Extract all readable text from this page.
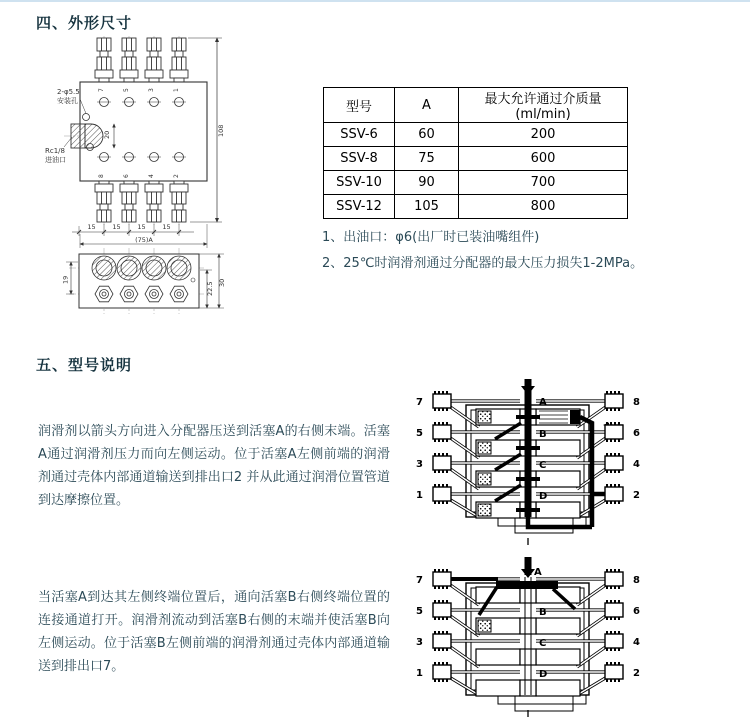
四、外形尺寸
7	5	3	1
8	6	4	2
20
2-φ5.5
安装孔
Rc1/8
进油口
108
15	15	15	15
(75)A
19
22.5 30
型号	A	最大允许通过介质量(ml/min)
SSV-6	60	200
SSV-8	75	600
SSV-10	90	700
SSV-12	105	800
1、出油口：φ6(出厂时已装油嘴组件)
2、25℃时润滑剂通过分配器的最大压力损失1-2MPa。
五、型号说明
润滑剂以箭头方向进入分配器压送到活塞A的右侧末端。活塞A通过润滑剂压力而向左侧运动。位于活塞A左侧前端的润滑剂通过壳体内部通道输送到排出口2 并从此通过润滑位置管道到达摩擦位置。
当活塞A到达其左侧终端位置后，通向活塞B右侧终端位置的连接通道打开。润滑剂流动到活塞B右侧的末端并使活塞B向左侧运动。位于活塞B左侧前端的润滑剂通过壳体内部通道输送到排出口7。
7
5
3
1
8
6
4
2
A
B
C
D
7
5
3
1
8
6
4
2
A
B
C
D
